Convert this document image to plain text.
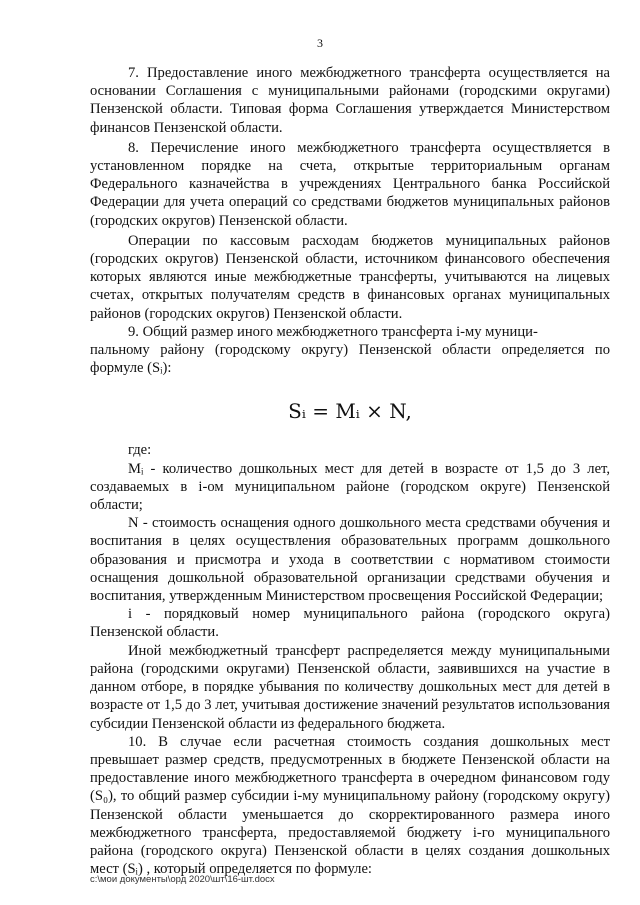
3

7. Предоставление иного межбюджетного трансферта осуществляется на основании Соглашения с муниципальными районами (городскими округами) Пензенской области. Типовая форма Соглашения утверждается Министерством финансов Пензенской области.

8. Перечисление иного межбюджетного трансферта осуществляется в установленном порядке на счета, открытые территориальным органам Федерального казначейства в учреждениях Центрального банка Российской Федерации для учета операций со средствами бюджетов муниципальных районов (городских округов) Пензенской области.

Операции по кассовым расходам бюджетов муниципальных районов (городских округов) Пензенской области, источником финансового обеспечения которых являются иные межбюджетные трансферты, учитываются на лицевых счетах, открытых получателям средств в финансовых органах муниципальных районов (городских округов) Пензенской области.

9. Общий размер иного межбюджетного трансферта i-му муници-
пальному району (городскому округу) Пензенской области определяется по формуле (Sᵢ):

Sᵢ = Mᵢ × N,

где:

Mᵢ - количество дошкольных мест для детей в возрасте от 1,5 до 3 лет, создаваемых в i-ом муниципальном районе (городском округе) Пензенской области;

N - стоимость оснащения одного дошкольного места средствами обучения и воспитания в целях осуществления образовательных программ дошкольного образования и присмотра и ухода в соответствии с нормативом стоимости оснащения дошкольной образовательной организации средствами обучения и воспитания, утвержденным Министерством просвещения Российской Федерации;

i - порядковый номер муниципального района (городского округа) Пензенской области.

Иной межбюджетный трансферт распределяется между муниципальными района (городскими округами) Пензенской области, заявившихся на участие в данном отборе, в порядке убывания по количеству дошкольных мест для детей в возрасте от 1,5 до 3 лет, учитывая достижение значений результатов использования субсидии Пензенской области из федерального бюджета.

10. В случае если расчетная стоимость создания дошкольных мест превышает размер средств, предусмотренных в бюджете Пензенской области на предоставление иного межбюджетного трансферта в очередном финансовом году (S₀), то общий размер субсидии i-му муниципальному району (городскому округу) Пензенской области уменьшается до скорректированного размера иного межбюджетного трансферта, предоставляемой бюджету i-го муниципального района (городского округа) Пензенской области в целях создания дошкольных мест (Sᵢ) , который определяется по формуле:

c:\мои документы\орд 2020\шт\16-шт.docx
